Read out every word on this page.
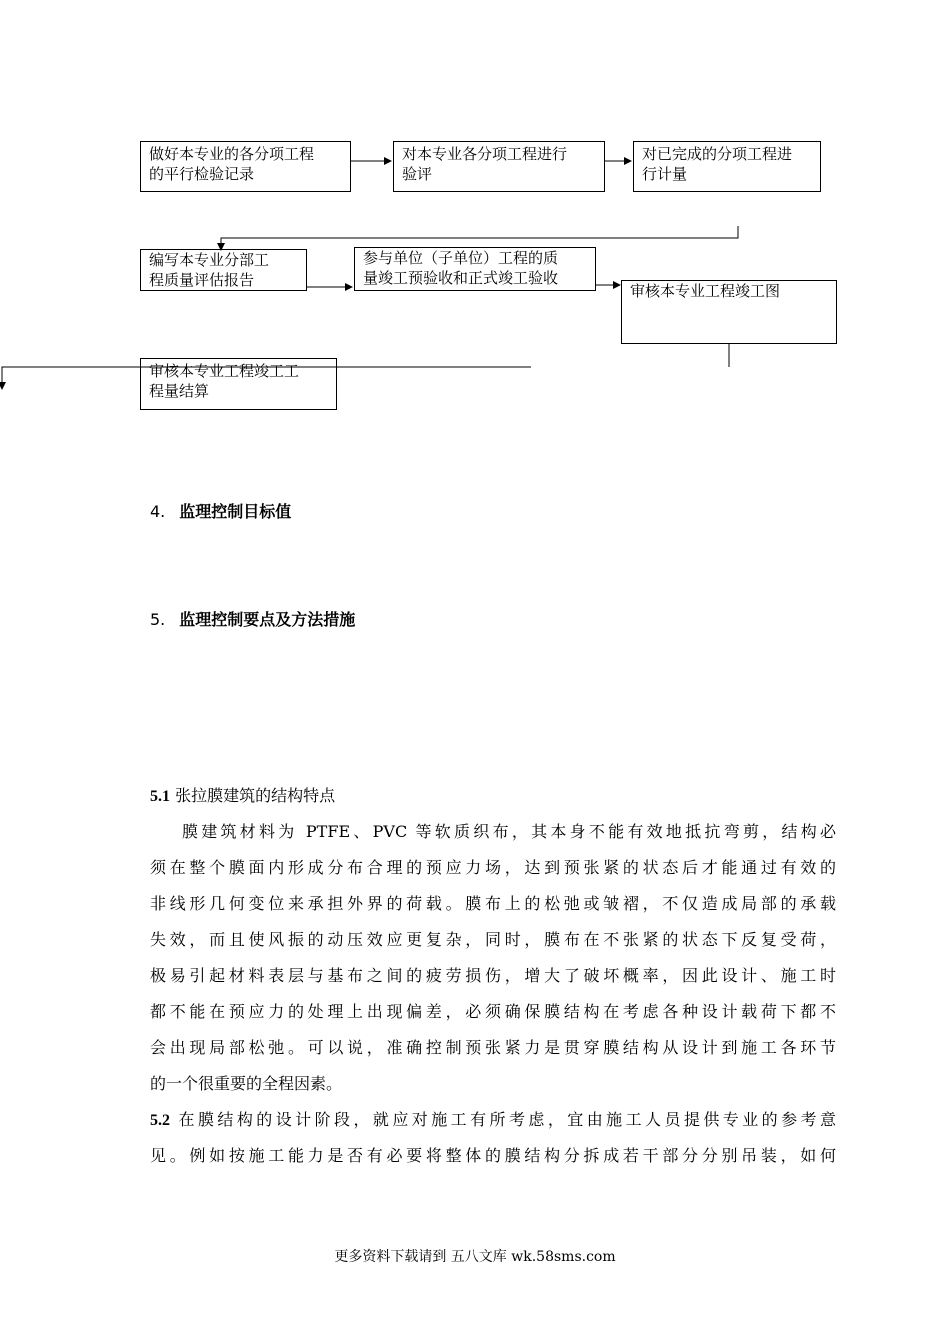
做好本专业的各分项工程
的平行检验记录
对本专业各分项工程进行
验评
对已完成的分项工程进
行计量
编写本专业分部工
程质量评估报告
参与单位（子单位）工程的质
量竣工预验收和正式竣工验收
审核本专业工程竣工图
审核本专业工程竣工工
程量结算
4. 监理控制目标值
5. 监理控制要点及方法措施
5.1 张拉膜建筑的结构特点
膜建筑材料为 PTFE、PVC 等软质织布，其本身不能有效地抵抗弯剪，结构必
须在整个膜面内形成分布合理的预应力场，达到预张紧的状态后才能通过有效的
非线形几何变位来承担外界的荷载。膜布上的松弛或皱褶，不仅造成局部的承载
失效，而且使风振的动压效应更复杂，同时，膜布在不张紧的状态下反复受荷，
极易引起材料表层与基布之间的疲劳损伤，增大了破坏概率，因此设计、施工时
都不能在预应力的处理上出现偏差，必须确保膜结构在考虑各种设计载荷下都不
会出现局部松弛。可以说，准确控制预张紧力是贯穿膜结构从设计到施工各环节
的一个很重要的全程因素。
5.2 在膜结构的设计阶段，就应对施工有所考虑，宜由施工人员提供专业的参考意
见。例如按施工能力是否有必要将整体的膜结构分拆成若干部分分别吊装，如何
更多资料下载请到 五八文库 wk.58sms.com
